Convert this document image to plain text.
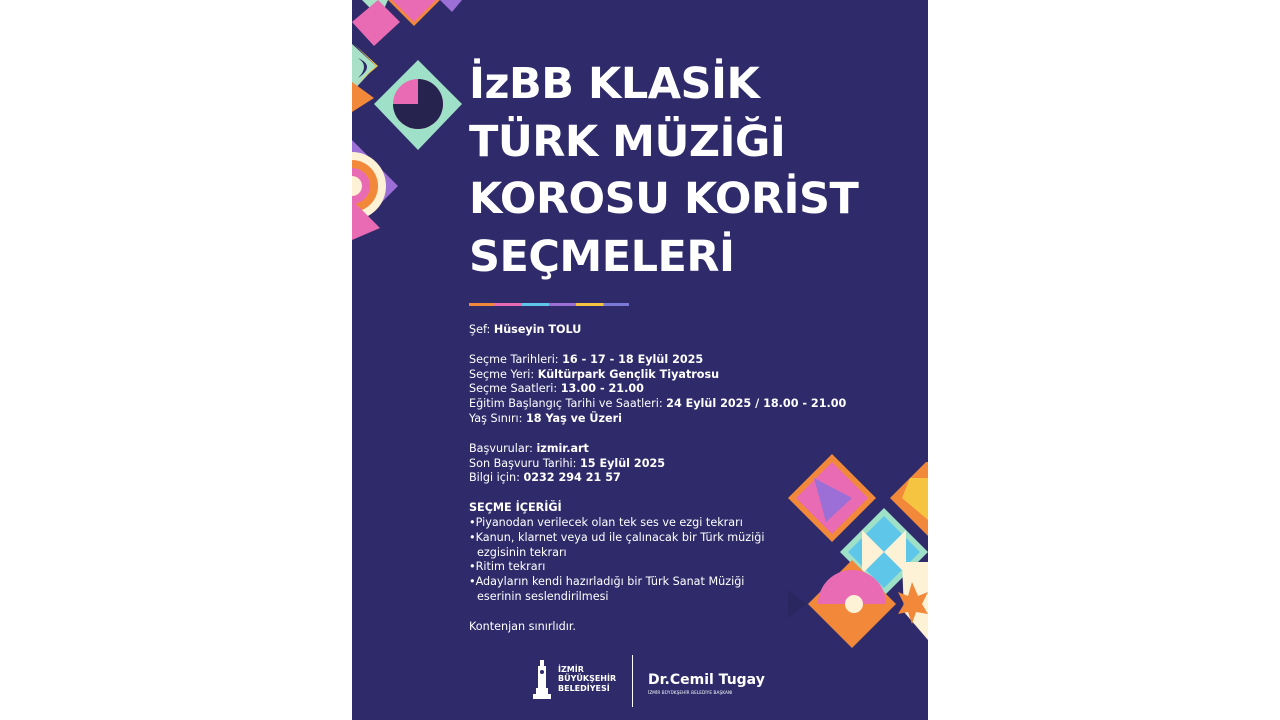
İzBB KLASİK
TÜRK MÜZİĞİ
KOROSU KORİST
SEÇMELERİ
Şef: Hüseyin TOLU
Seçme Tarihleri: 16 - 17 - 18 Eylül 2025
Seçme Yeri: Kültürpark Gençlik Tiyatrosu
Seçme Saatleri: 13.00 - 21.00
Eğitim Başlangıç Tarihi ve Saatleri: 24 Eylül 2025 / 18.00 - 21.00
Yaş Sınırı: 18 Yaş ve Üzeri
Başvurular: izmir.art
Son Başvuru Tarihi: 15 Eylül 2025
Bilgi için: 0232 294 21 57
SEÇME İÇERİĞİ
•Piyanodan verilecek olan tek ses ve ezgi tekrarı
•Kanun, klarnet veya ud ile çalınacak bir Türk müziği
ezgisinin tekrarı
•Ritim tekrarı
•Adayların kendi hazırladığı bir Türk Sanat Müziği
eserinin seslendirilmesi
Kontenjan sınırlıdır.
İZMİR
BÜYÜKŞEHİR
BELEDİYESİ
Dr.Cemil Tugay
İZMİR BÜYÜKŞEHİR BELEDİYE BAŞKANI
